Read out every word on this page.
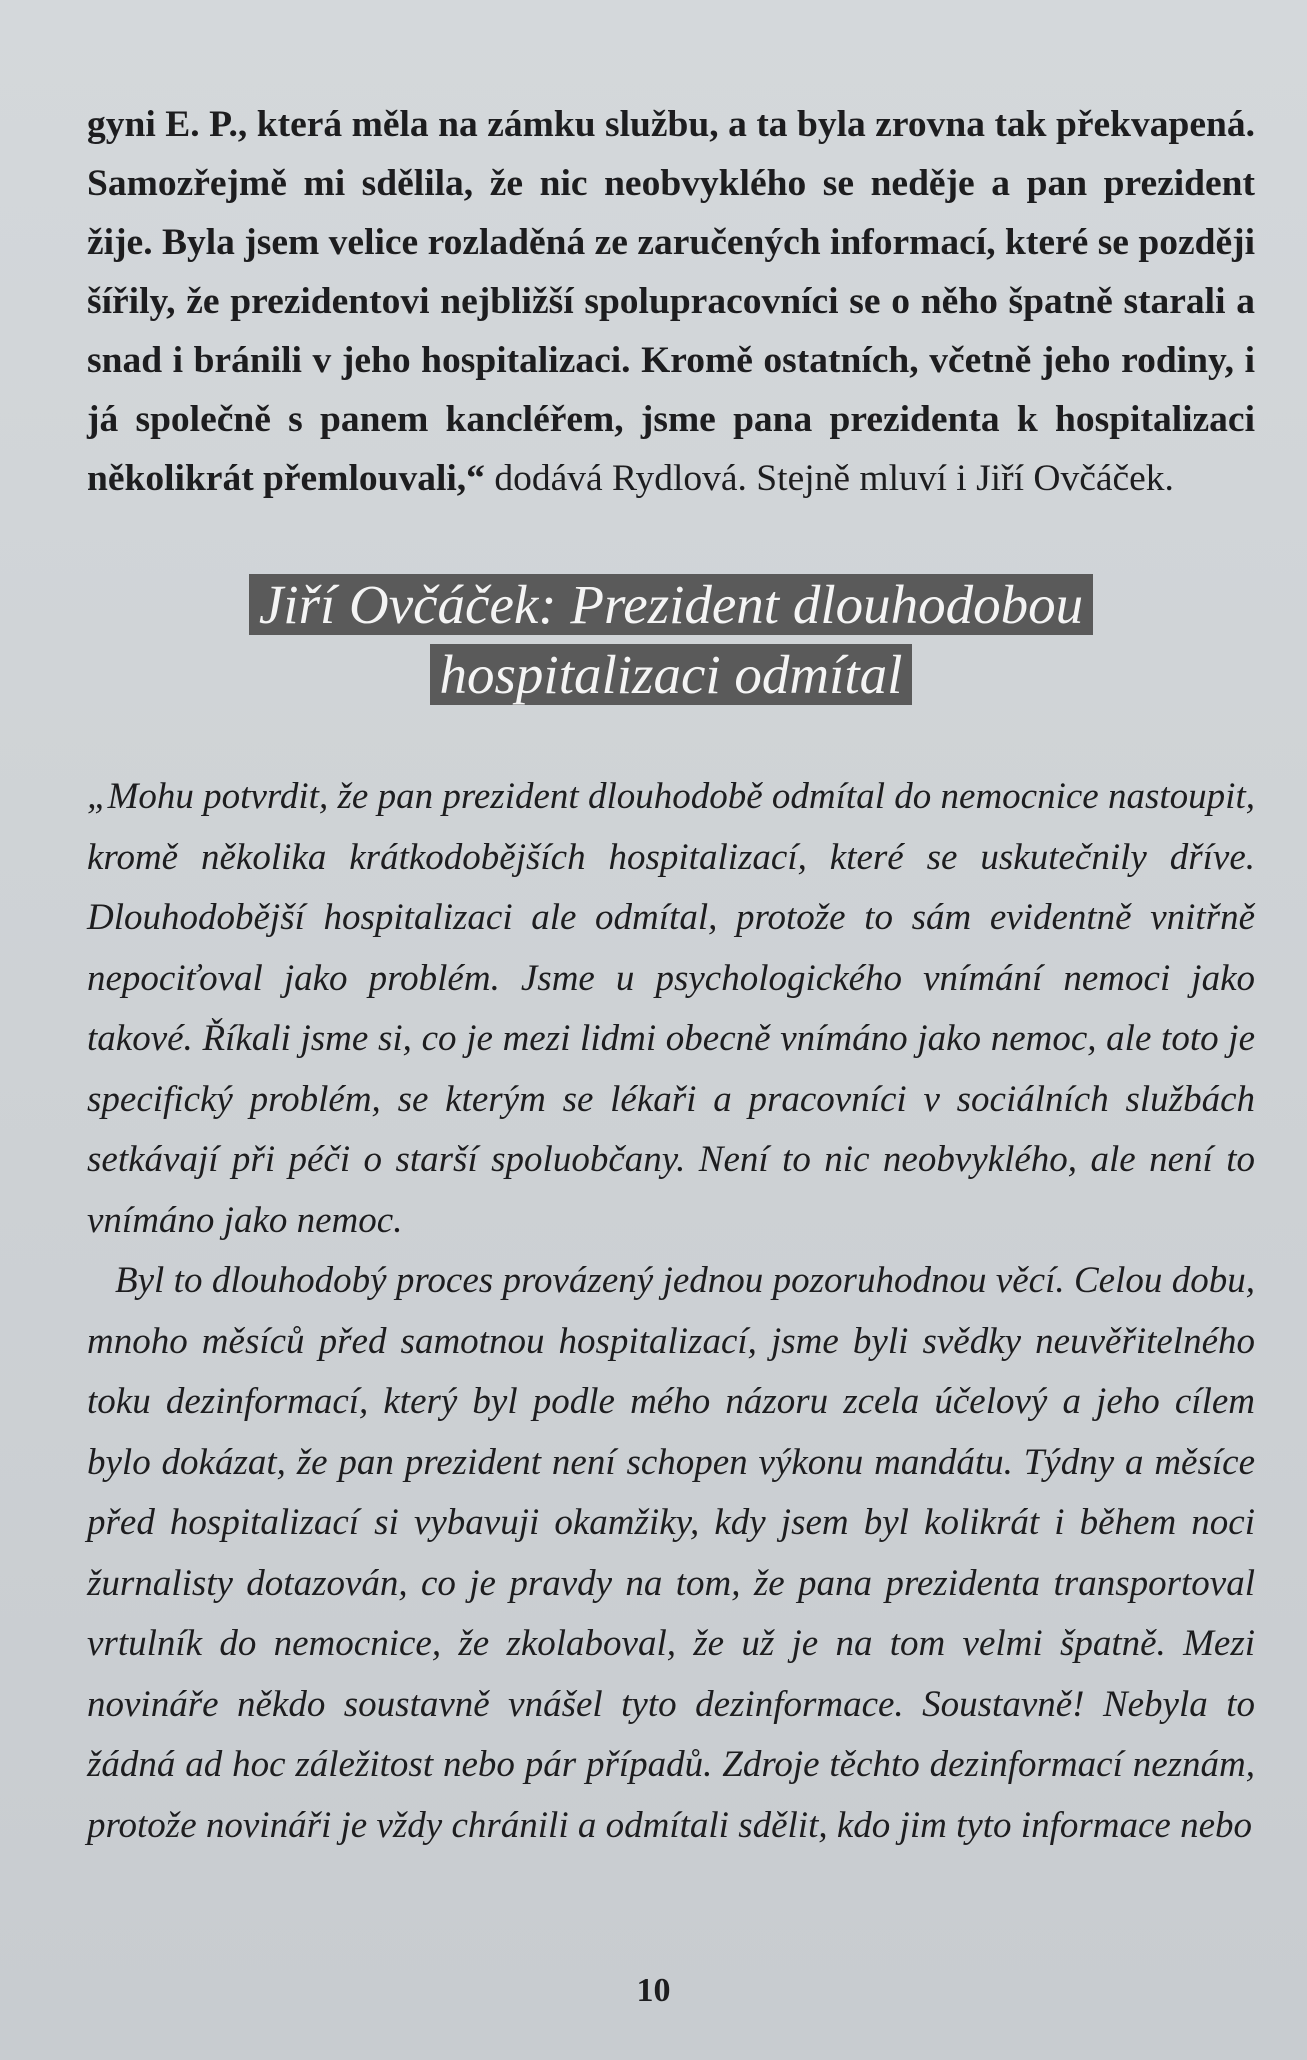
gyni E. P., která měla na zámku službu, a ta byla zrovna tak překvapená. Samozřejmě mi sdělila, že nic neobvyklého se neděje a pan prezident žije. Byla jsem velice rozladěná ze zaručených informací, které se později šířily, že prezidentovi nejbližší spolupracovníci se o něho špatně starali a snad i bránili v jeho hospitalizaci. Kromě ostatních, včetně jeho rodiny, i já společně s panem kancléřem, jsme pana prezidenta k hospitalizaci několikrát přemlouvali,“ dodává Rydlová. Stejně mluví i Jiří Ovčáček.

Jiří Ovčáček: Prezident dlouhodobou
hospitalizaci odmítal

„Mohu potvrdit, že pan prezident dlouhodobě odmítal do nemocnice nastoupit, kromě několika krátkodobějších hospitalizací, které se uskutečnily dříve. Dlouhodobější hospitalizaci ale odmítal, protože to sám evidentně vnitřně nepociťoval jako problém. Jsme u psychologického vnímání nemoci jako takové. Říkali jsme si, co je mezi lidmi obecně vnímáno jako nemoc, ale toto je specifický problém, se kterým se lékaři a pracovníci v sociálních službách setkávají při péči o starší spoluobčany. Není to nic neobvyklého, ale není to vnímáno jako nemoc.

Byl to dlouhodobý proces provázený jednou pozoruhodnou věcí. Celou dobu, mnoho měsíců před samotnou hospitalizací, jsme byli svědky neuvěřitelného toku dezinformací, který byl podle mého názoru zcela účelový a jeho cílem bylo dokázat, že pan prezident není schopen výkonu mandátu. Týdny a měsíce před hospitalizací si vybavuji okamžiky, kdy jsem byl kolikrát i během noci žurnalisty dotazován, co je pravdy na tom, že pana prezidenta transportoval vrtulník do nemocnice, že zkolaboval, že už je na tom velmi špatně. Mezi novináře někdo soustavně vnášel tyto dezinformace. Soustavně! Nebyla to žádná ad hoc záležitost nebo pár případů. Zdroje těchto dezinformací neznám, protože novináři je vždy chránili a odmítali sdělit, kdo jim tyto informace nebo

10
